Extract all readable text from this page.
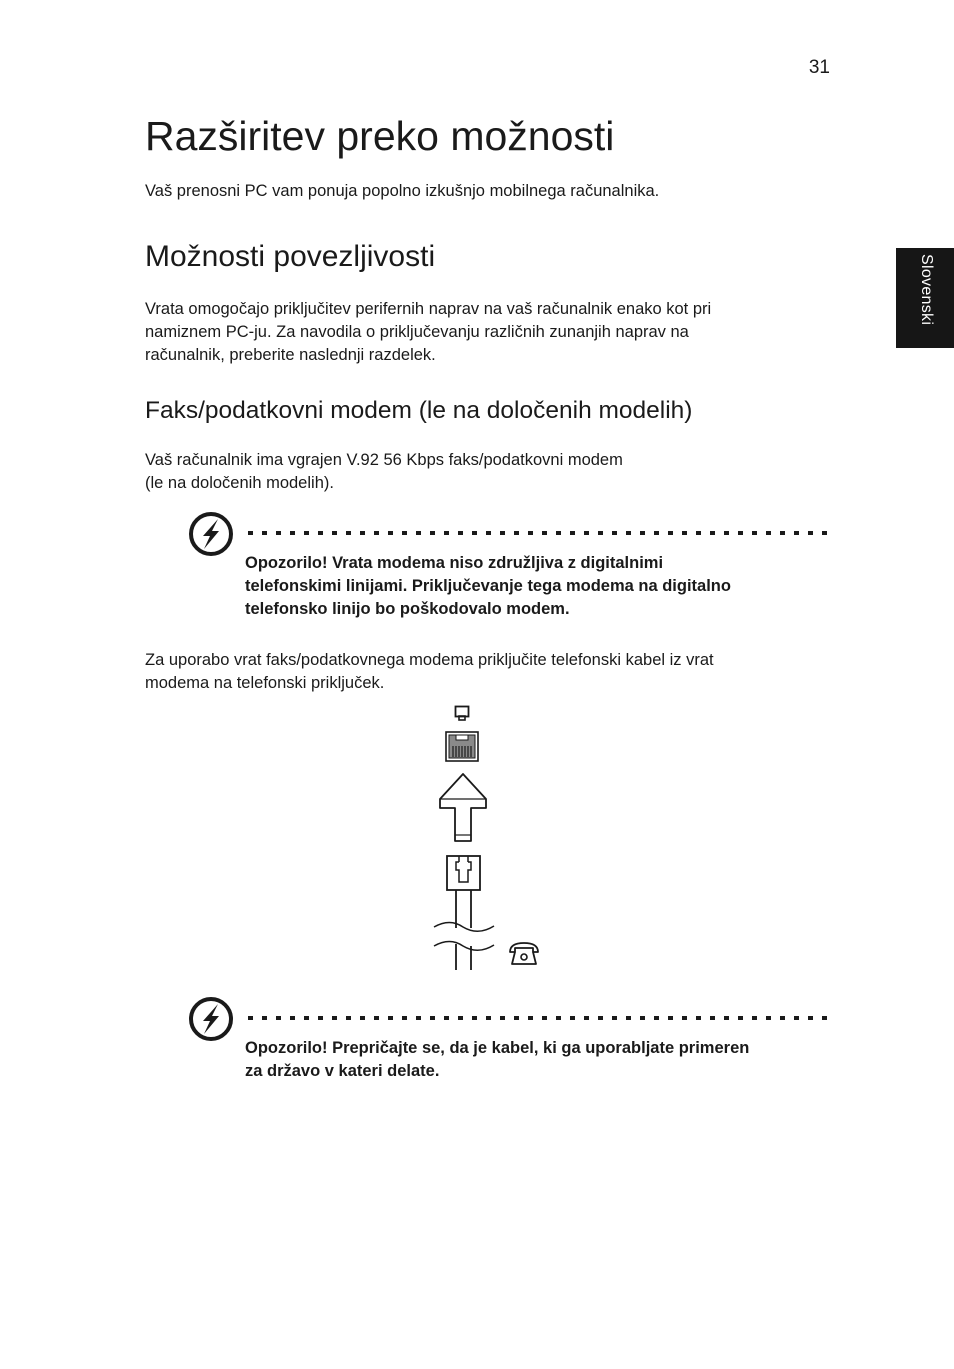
31
Slovenski
Razširitev preko možnosti

Vaš prenosni PC vam ponuja popolno izkušnjo mobilnega računalnika.

Možnosti povezljivosti

Vrata omogočajo priključitev perifernih naprav na vaš računalnik enako kot pri
namiznem PC-ju. Za navodila o priključevanju različnih zunanjih naprav na
računalnik, preberite naslednji razdelek.

Faks/podatkovni modem (le na določenih modelih)

Vaš računalnik ima vgrajen V.92 56 Kbps faks/podatkovni modem
(le na določenih modelih).

Opozorilo! Vrata modema niso združljiva z digitalnimi
telefonskimi linijami. Priključevanje tega modema na digitalno
telefonsko linijo bo poškodovalo modem.

Za uporabo vrat faks/podatkovnega modema priključite telefonski kabel iz vrat
modema na telefonski priključek.

Opozorilo! Prepričajte se, da je kabel, ki ga uporabljate primeren
za državo v kateri delate.
